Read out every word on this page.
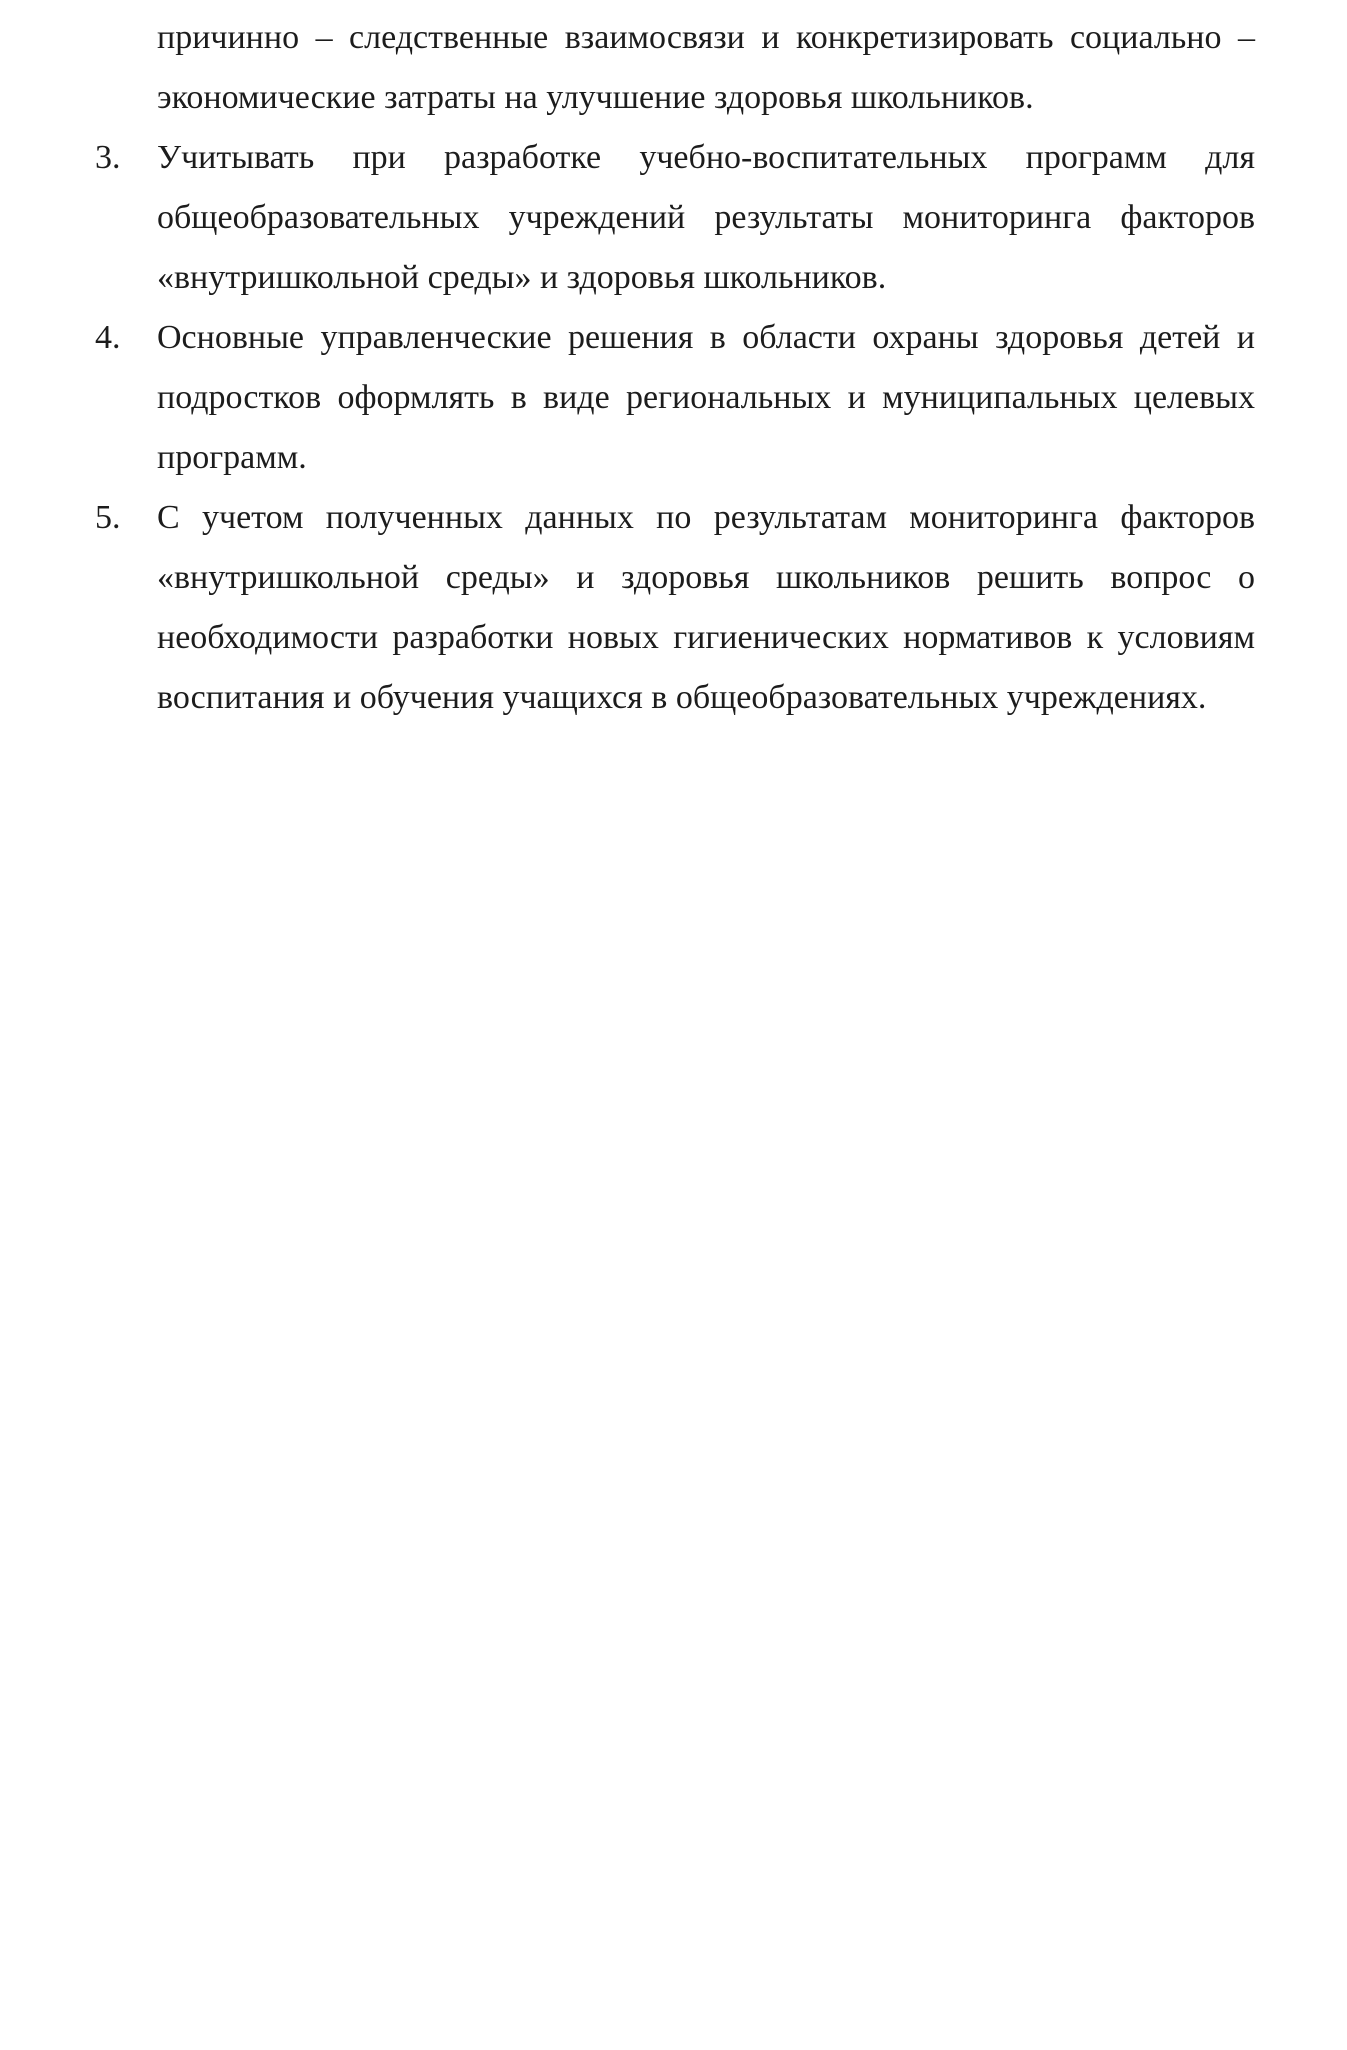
причинно – следственные взаимосвязи и конкретизировать социально – экономические затраты на улучшение здоровья школьников.
3.	Учитывать при разработке учебно-воспитательных программ для общеобразовательных учреждений результаты мониторинга факторов «внутришкольной среды» и здоровья школьников.
4.	Основные управленческие решения в области охраны здоровья детей и подростков оформлять в виде региональных и муниципальных целевых программ.
5.	С учетом полученных данных по результатам мониторинга факторов «внутришкольной среды» и здоровья школьников решить вопрос о необходимости разработки новых гигиенических нормативов к условиям воспитания и обучения учащихся в общеобразовательных учреждениях.
